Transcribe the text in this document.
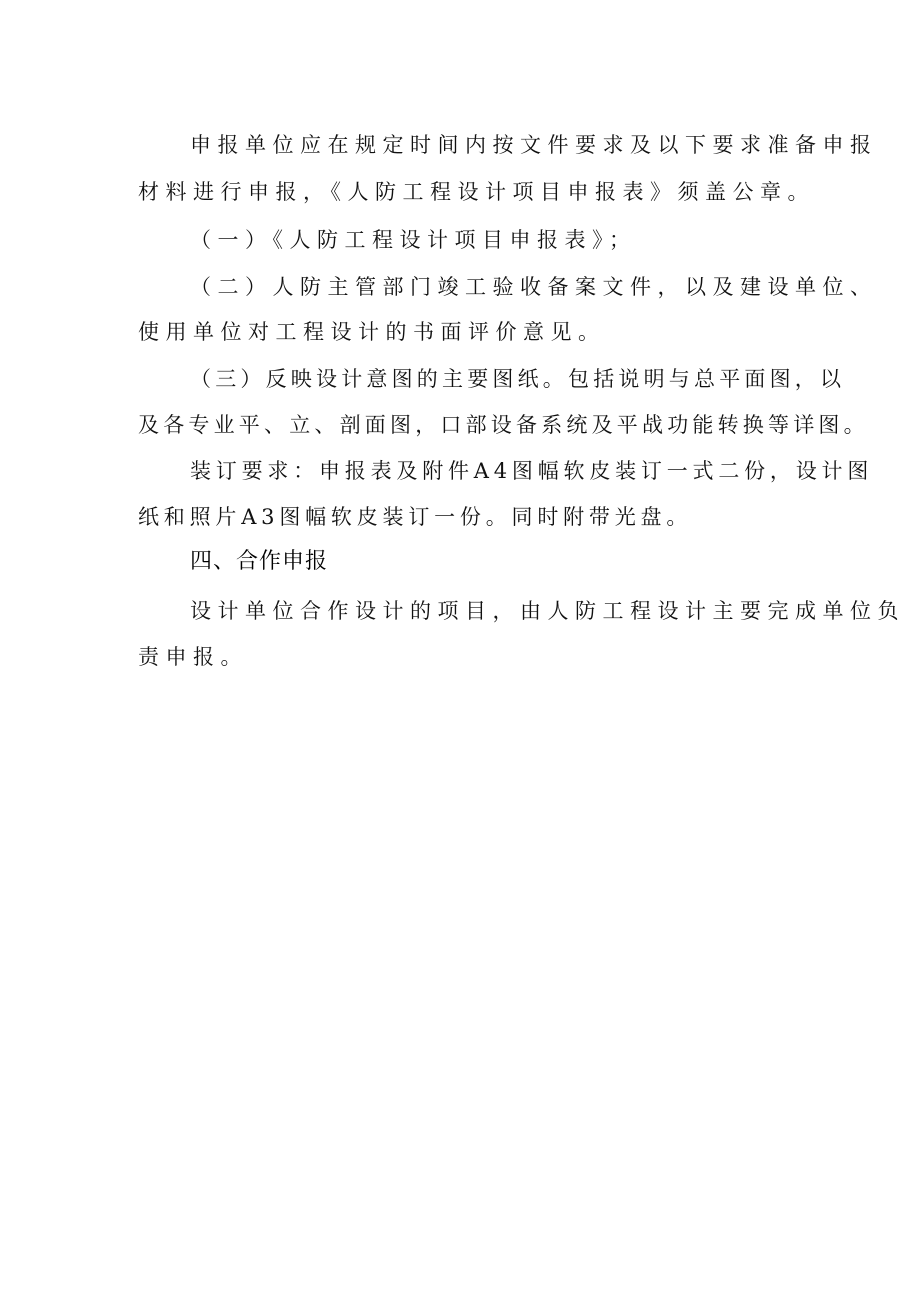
申报单位应在规定时间内按文件要求及以下要求准备申报
材料进行申报，《人防工程设计项目申报表》须盖公章。
（一）《人防工程设计项目申报表》；
（二）人防主管部门竣工验收备案文件，以及建设单位、
使用单位对工程设计的书面评价意见。
（三）反映设计意图的主要图纸。包括说明与总平面图，以
及各专业平、立、剖面图，口部设备系统及平战功能转换等详图。
装订要求：申报表及附件A4图幅软皮装订一式二份，设计图
纸和照片A3图幅软皮装订一份。同时附带光盘。
四、合作申报
设计单位合作设计的项目，由人防工程设计主要完成单位负
责申报。
